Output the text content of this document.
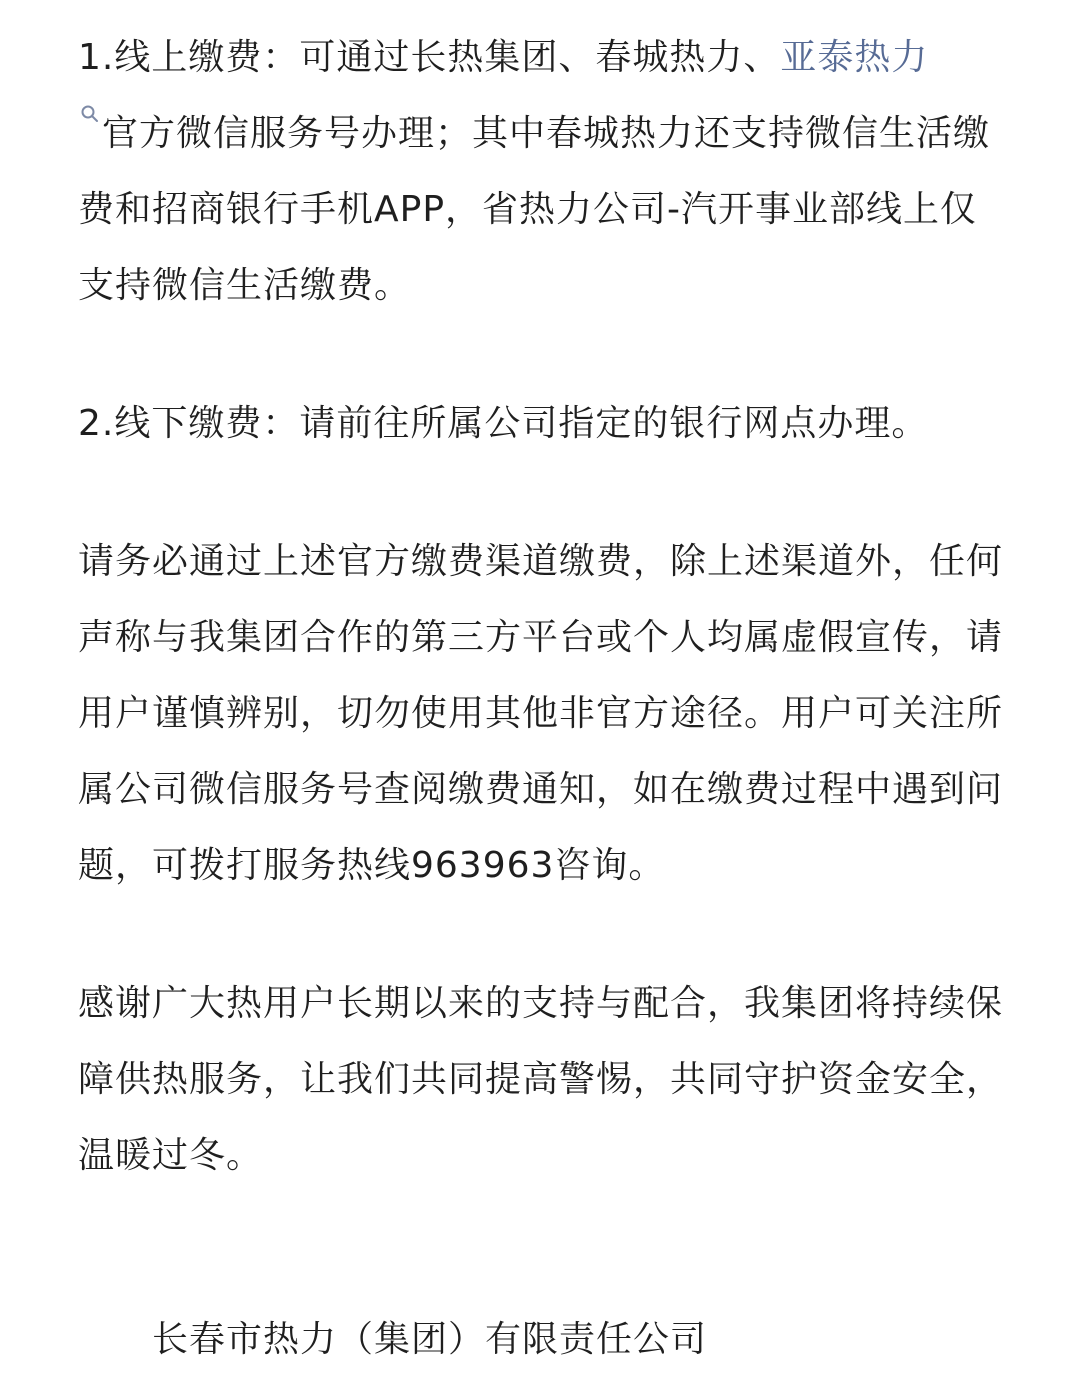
1.线上缴费：可通过长热集团、春城热力、亚泰热力

官方微信服务号办理；其中春城热力还支持微信生活缴费和招商银行手机APP，省热力公司-汽开事业部线上仅支持微信生活缴费。

2.线下缴费：请前往所属公司指定的银行网点办理。

请务必通过上述官方缴费渠道缴费，除上述渠道外，任何声称与我集团合作的第三方平台或个人均属虚假宣传，请用户谨慎辨别，切勿使用其他非官方途径。用户可关注所属公司微信服务号查阅缴费通知，如在缴费过程中遇到问题，可拨打服务热线963963咨询。

感谢广大热用户长期以来的支持与配合，我集团将持续保障供热服务，让我们共同提高警惕，共同守护资金安全，温暖过冬。

长春市热力（集团）有限责任公司
